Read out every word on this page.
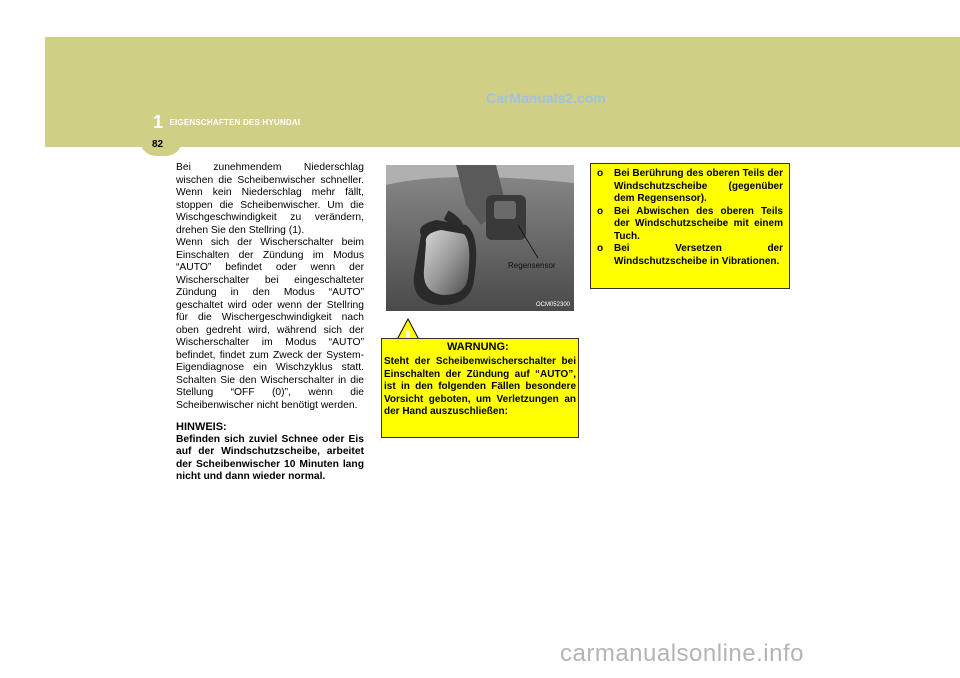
82
1 EIGENSCHAFTEN DES HYUNDAI
CarManuals2.com

Bei zunehmendem Niederschlag wischen die Scheibenwischer schneller. Wenn kein Niederschlag mehr fällt, stoppen die Scheibenwischer. Um die Wischgeschwindigkeit zu verändern, drehen Sie den Stellring (1).

Wenn sich der Wischerschalter beim Einschalten der Zündung im Modus “AUTO” befindet oder wenn der Wischerschalter bei eingeschalteter Zündung in den Modus “AUTO” geschaltet wird oder wenn der Stellring für die Wischergeschwindigkeit nach oben gedreht wird, während sich der Wischerschalter im Modus “AUTO” befindet, findet zum Zweck der System-Eigendiagnose ein Wischzyklus statt. Schalten Sie den Wischerschalter in die Stellung “OFF (0)”, wenn die Scheibenwischer nicht benötigt werden.

HINWEIS:

Befinden sich zuviel Schnee oder Eis auf der Windschutzscheibe, arbeitet der Scheibenwischer 10 Minuten lang nicht und dann wieder normal.

Regensensor
OCM052300
WARNUNG:
Steht der Scheibenwischerschalter bei Einschalten der Zündung auf “AUTO”, ist in den folgenden Fällen besondere Vorsicht geboten, um Verletzungen an der Hand auszuschließen:
o Bei Berührung des oberen Teils der Windschutzscheibe (gegenüber dem Regensensor).
o Bei Abwischen des oberen Teils der Windschutzscheibe mit einem Tuch.
o Bei Versetzen der Windschutzscheibe in Vibrationen.
carmanualsonline.info
